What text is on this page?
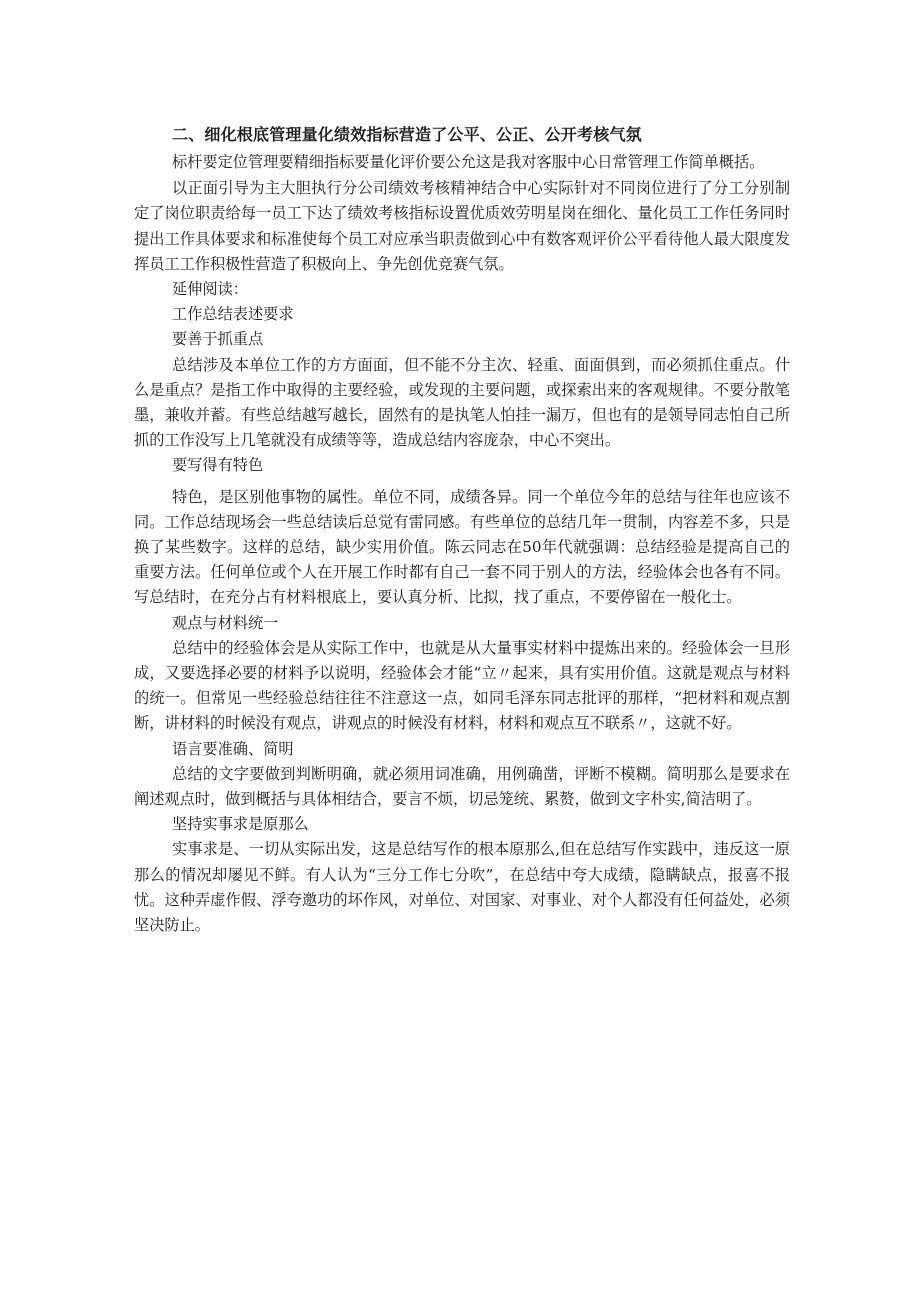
二、细化根底管理量化绩效指标营造了公平、公正、公开考核气氛

标杆要定位管理要精细指标要量化评价要公允这是我对客服中心日常管理工作简单概括。

以正面引导为主大胆执行分公司绩效考核精神结合中心实际针对不同岗位进行了分工分别制定了岗位职责给每一员工下达了绩效考核指标设置优质效劳明星岗在细化、量化员工工作任务同时提出工作具体要求和标准使每个员工对应承当职责做到心中有数客观评价公平看待他人最大限度发挥员工工作积极性营造了积极向上、争先创优竞赛气氛。

延伸阅读：

工作总结表述要求

要善于抓重点

总结涉及本单位工作的方方面面，但不能不分主次、轻重、面面俱到，而必须抓住重点。什么是重点？是指工作中取得的主要经验，或发现的主要问题，或探索出来的客观规律。不要分散笔墨，兼收并蓄。有些总结越写越长，固然有的是执笔人怕挂一漏万，但也有的是领导同志怕自己所抓的工作没写上几笔就没有成绩等等，造成总结内容庞杂，中心不突出。

要写得有特色

特色，是区别他事物的属性。单位不同，成绩各异。同一个单位今年的总结与往年也应该不同。工作总结现场会一些总结读后总觉有雷同感。有些单位的总结几年一贯制，内容差不多，只是换了某些数字。这样的总结，缺少实用价值。陈云同志在50年代就强调：总结经验是提高自己的重要方法。任何单位或个人在开展工作时都有自己一套不同于别人的方法，经验体会也各有不同。写总结时，在充分占有材料根底上，要认真分析、比拟，找了重点，不要停留在一般化士。

观点与材料统一

总结中的经验体会是从实际工作中，也就是从大量事实材料中提炼出来的。经验体会一旦形成，又要选择必要的材料予以说明，经验体会才能“立〃起来，具有实用价值。这就是观点与材料的统一。但常见一些经验总结往往不注意这一点，如同毛泽东同志批评的那样，“把材料和观点割断，讲材料的时候没有观点，讲观点的时候没有材料，材料和观点互不联系〃，这就不好。

语言要准确、简明

总结的文字要做到判断明确，就必须用词准确，用例确凿，评断不模糊。简明那么是要求在阐述观点时，做到概括与具体相结合，要言不烦，切忌笼统、累赘，做到文字朴实,简洁明了。

坚持实事求是原那么

实事求是、一切从实际出发，这是总结写作的根本原那么,但在总结写作实践中，违反这一原那么的情况却屡见不鲜。有人认为“三分工作七分吹”，在总结中夸大成绩，隐瞒缺点，报喜不报忧。这种弄虚作假、浮夸邀功的坏作风，对单位、对国家、对事业、对个人都没有任何益处，必须坚决防止。
